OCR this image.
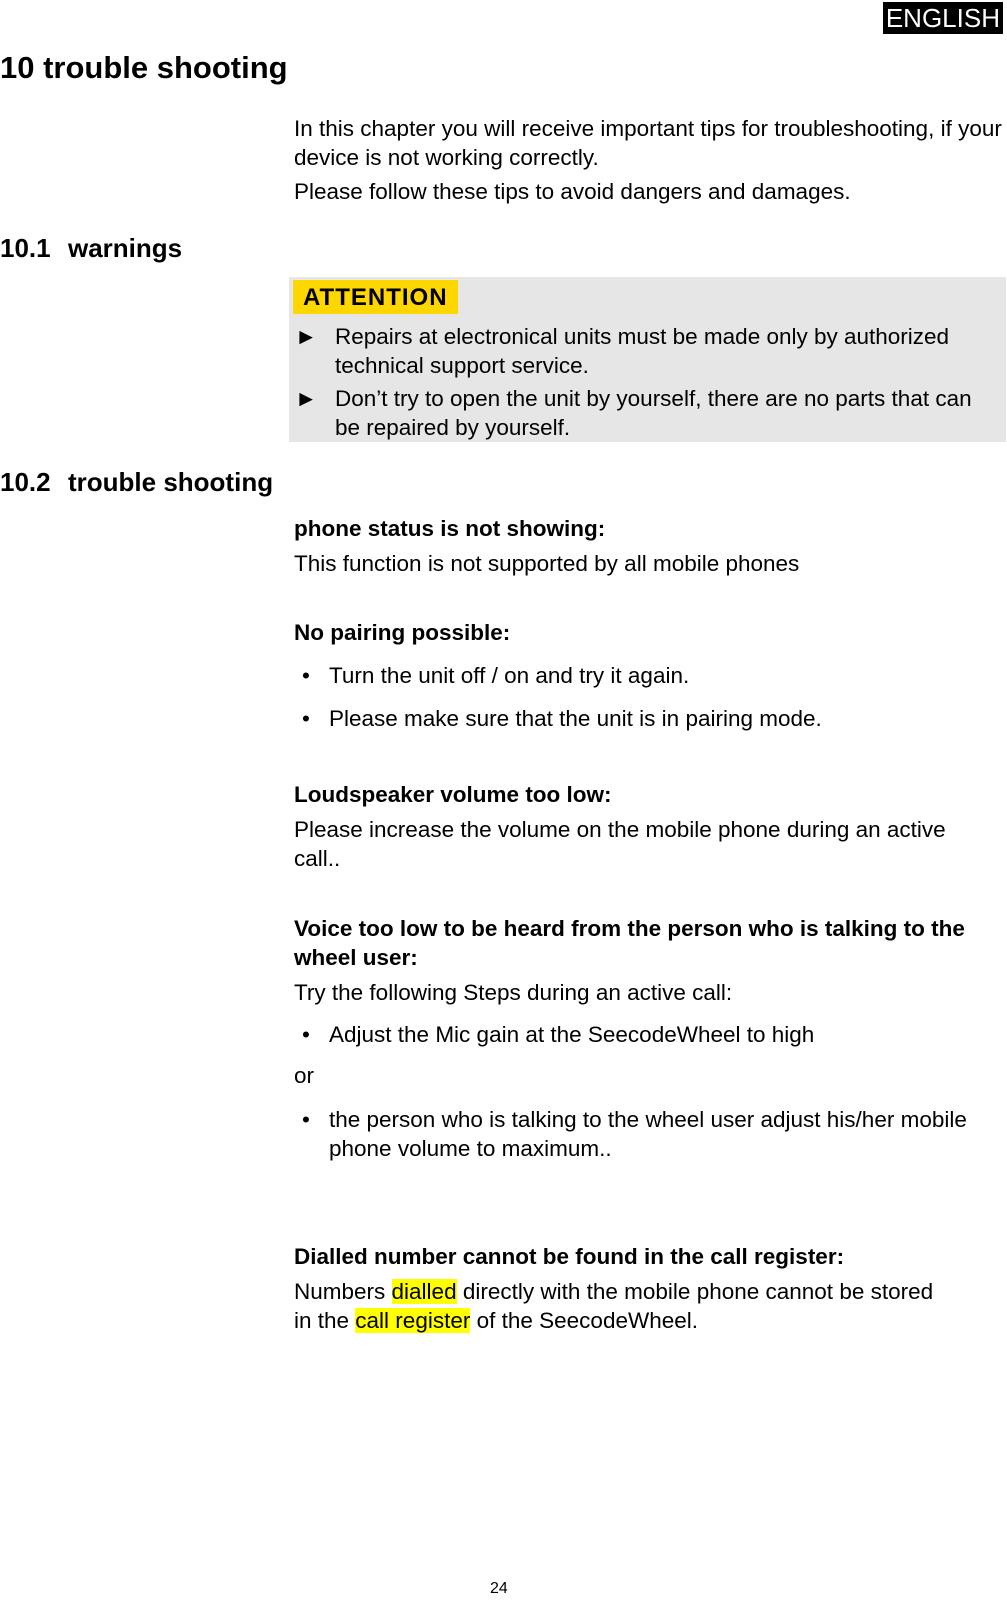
ENGLISH
10 trouble shooting

In this chapter you will receive important tips for troubleshooting, if your device is not working correctly.

Please follow these tips to avoid dangers and damages.

10.1 warnings
ATTENTION
► Repairs at electronical units must be made only by authorized technical support service.
► Don’t try to open the unit by yourself, there are no parts that can be repaired by yourself.
10.2 trouble shooting

phone status is not showing:

This function is not supported by all mobile phones

No pairing possible:
• Turn the unit off / on and try it again.
• Please make sure that the unit is in pairing mode.

Loudspeaker volume too low:

Please increase the volume on the mobile phone during an active call..

Voice too low to be heard from the person who is talking to the wheel user:

Try the following Steps during an active call:

• Adjust the Mic gain at the SeecodeWheel to high
or
• the person who is talking to the wheel user adjust his/her mobile phone volume to maximum..

Dialled number cannot be found in the call register:

Numbers dialled directly with the mobile phone cannot be stored in the call register of the SeecodeWheel.

24
